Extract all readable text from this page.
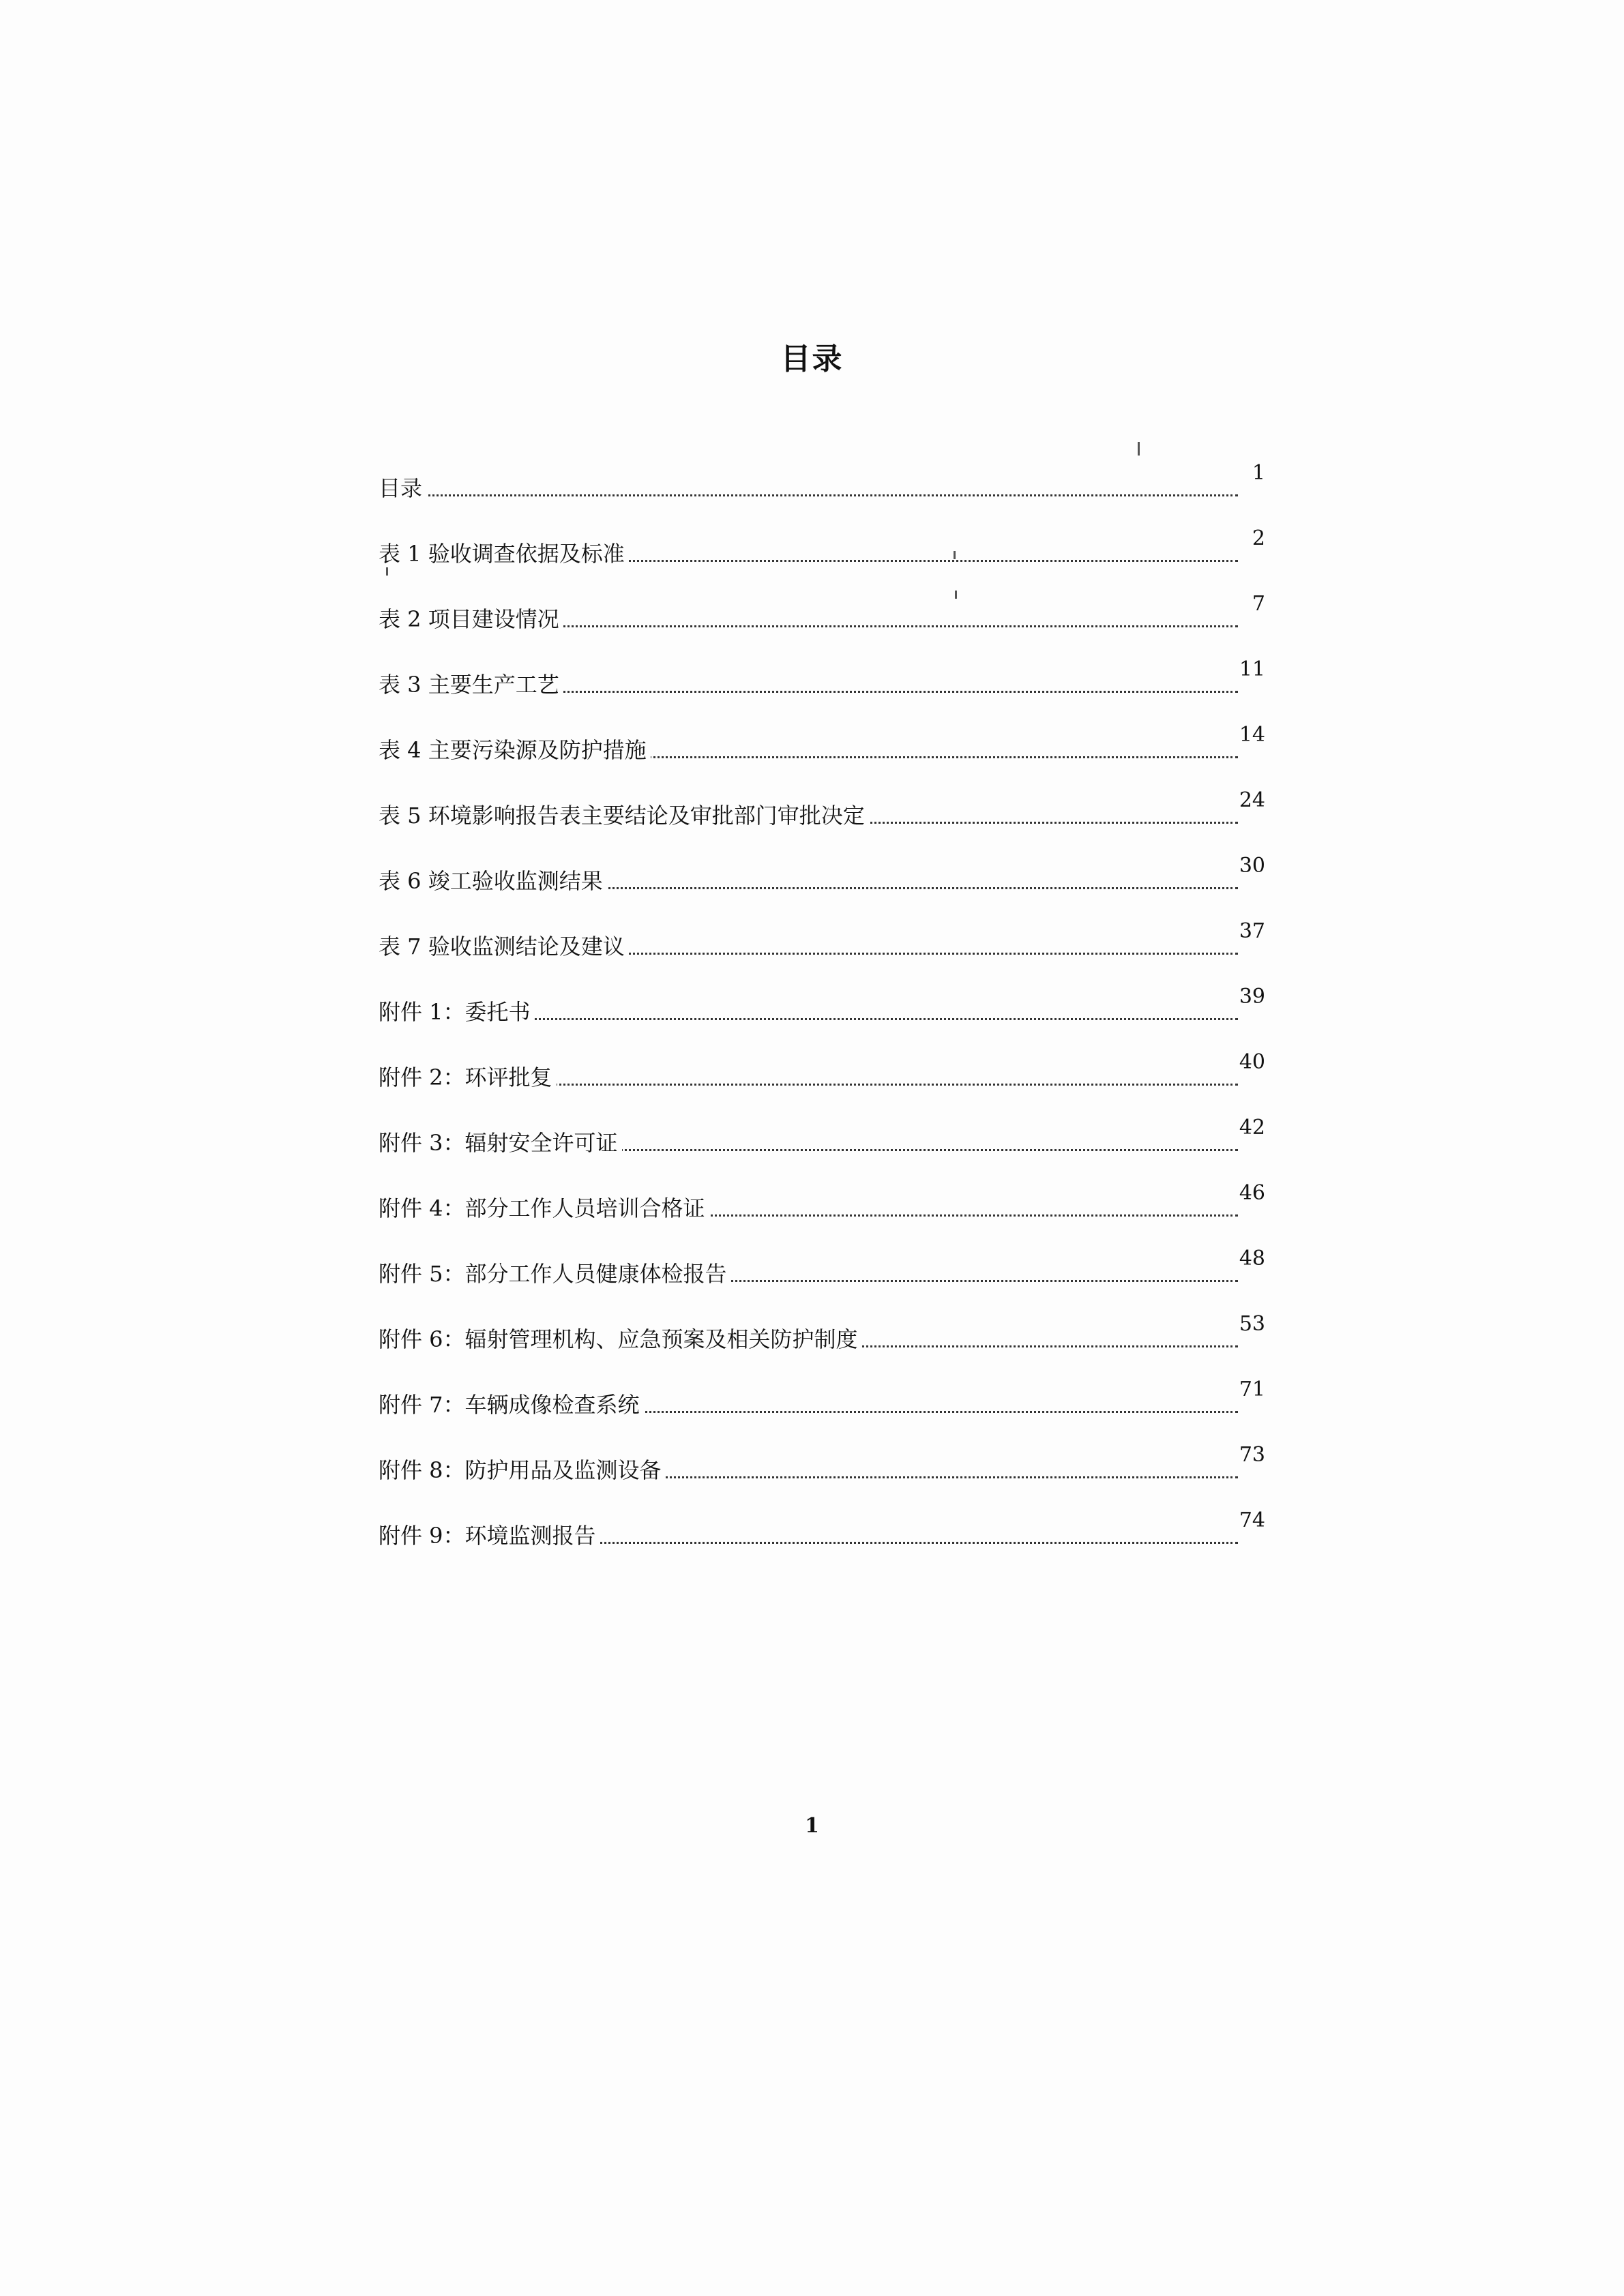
目录
目录
1
表 1 验收调查依据及标准
2
表 2 项目建设情况
7
表 3 主要生产工艺
11
表 4 主要污染源及防护措施
14
表 5 环境影响报告表主要结论及审批部门审批决定
24
表 6 竣工验收监测结果
30
表 7 验收监测结论及建议
37
附件 1：委托书
39
附件 2：环评批复
40
附件 3：辐射安全许可证
42
附件 4：部分工作人员培训合格证
46
附件 5：部分工作人员健康体检报告
48
附件 6：辐射管理机构、应急预案及相关防护制度
53
附件 7：车辆成像检查系统
71
附件 8：防护用品及监测设备
73
附件 9：环境监测报告
74
1
